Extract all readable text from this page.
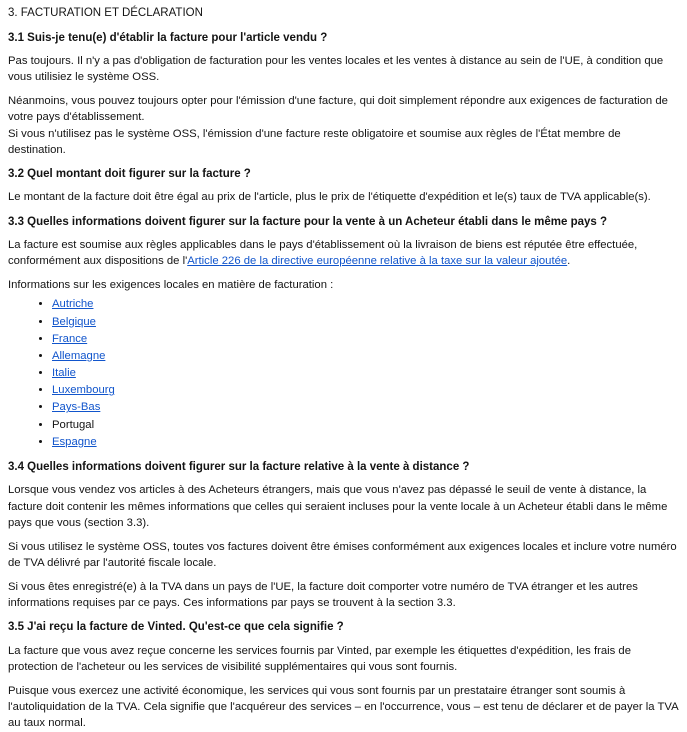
3. FACTURATION ET DÉCLARATION
3.1 Suis-je tenu(e) d'établir la facture pour l'article vendu ?

Pas toujours. Il n'y a pas d'obligation de facturation pour les ventes locales et les ventes à distance au sein de l'UE, à condition que vous utilisiez le système OSS.

Néanmoins, vous pouvez toujours opter pour l'émission d'une facture, qui doit simplement répondre aux exigences de facturation de votre pays d'établissement.

Si vous n'utilisez pas le système OSS, l'émission d'une facture reste obligatoire et soumise aux règles de l'État membre de destination.

3.2 Quel montant doit figurer sur la facture ?

Le montant de la facture doit être égal au prix de l'article, plus le prix de l'étiquette d'expédition et le(s) taux de TVA applicable(s).

3.3 Quelles informations doivent figurer sur la facture pour la vente à un Acheteur établi dans le même pays ?

La facture est soumise aux règles applicables dans le pays d'établissement où la livraison de biens est réputée être effectuée, conformément aux dispositions de l'Article 226 de la directive européenne relative à la taxe sur la valeur ajoutée.

Informations sur les exigences locales en matière de facturation :

• Autriche
• Belgique
• France
• Allemagne
• Italie
• Luxembourg
• Pays-Bas
• Portugal
• Espagne
3.4 Quelles informations doivent figurer sur la facture relative à la vente à distance ?

Lorsque vous vendez vos articles à des Acheteurs étrangers, mais que vous n'avez pas dépassé le seuil de vente à distance, la facture doit contenir les mêmes informations que celles qui seraient incluses pour la vente locale à un Acheteur établi dans le même pays que vous (section 3.3).

Si vous utilisez le système OSS, toutes vos factures doivent être émises conformément aux exigences locales et inclure votre numéro de TVA délivré par l'autorité fiscale locale.

Si vous êtes enregistré(e) à la TVA dans un pays de l'UE, la facture doit comporter votre numéro de TVA étranger et les autres informations requises par ce pays. Ces informations par pays se trouvent à la section 3.3.

3.5 J'ai reçu la facture de Vinted. Qu'est-ce que cela signifie ?

La facture que vous avez reçue concerne les services fournis par Vinted, par exemple les étiquettes d'expédition, les frais de protection de l'acheteur ou les services de visibilité supplémentaires qui vous sont fournis.

Puisque vous exercez une activité économique, les services qui vous sont fournis par un prestataire étranger sont soumis à l'autoliquidation de la TVA. Cela signifie que l'acquéreur des services – en l'occurrence, vous – est tenu de déclarer et de payer la TVA au taux normal.
